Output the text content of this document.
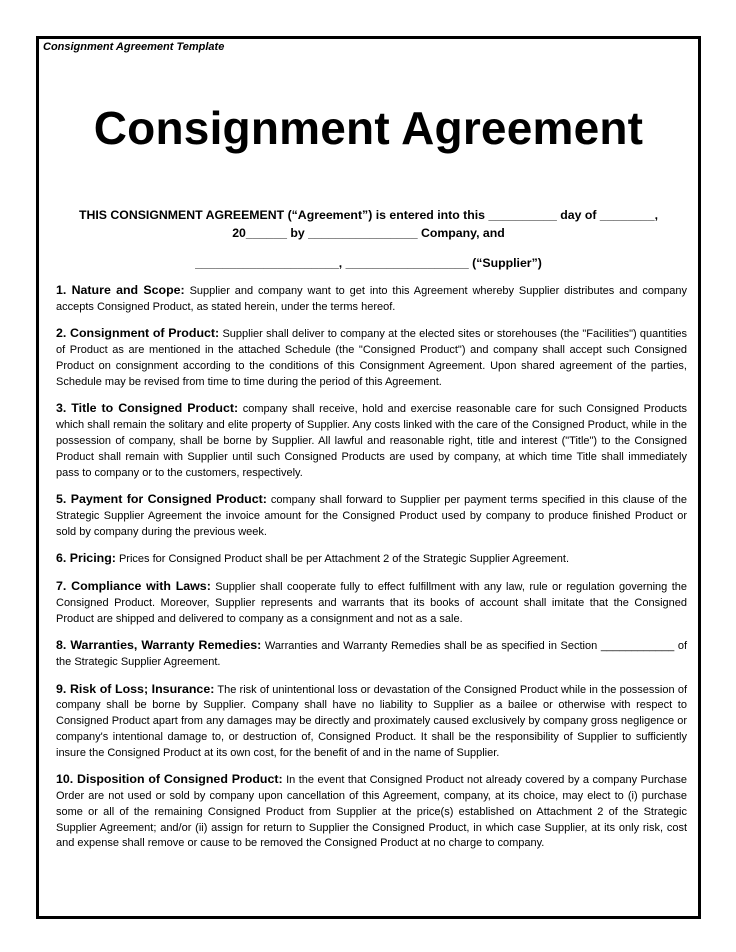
Consignment Agreement Template
Consignment Agreement
THIS CONSIGNMENT AGREEMENT (“Agreement”) is entered into this __________ day of ________,
20______ by ________________ Company, and
_____________________, __________________ (“Supplier”)

1. Nature and Scope: Supplier and company want to get into this Agreement whereby Supplier distributes and company accepts Consigned Product, as stated herein, under the terms hereof.

2. Consignment of Product: Supplier shall deliver to company at the elected sites or storehouses (the "Facilities") quantities of Product as are mentioned in the attached Schedule (the "Consigned Product") and company shall accept such Consigned Product on consignment according to the conditions of this Consignment Agreement. Upon shared agreement of the parties, Schedule may be revised from time to time during the period of this Agreement.

3. Title to Consigned Product: company shall receive, hold and exercise reasonable care for such Consigned Products which shall remain the solitary and elite property of Supplier. Any costs linked with the care of the Consigned Product, while in the possession of company, shall be borne by Supplier. All lawful and reasonable right, title and interest ("Title") to the Consigned Product shall remain with Supplier until such Consigned Products are used by company, at which time Title shall immediately pass to company or to the customers, respectively.

5. Payment for Consigned Product: company shall forward to Supplier per payment terms specified in this clause of the Strategic Supplier Agreement the invoice amount for the Consigned Product used by company to produce finished Product or sold by company during the previous week.

6. Pricing: Prices for Consigned Product shall be per Attachment 2 of the Strategic Supplier Agreement.

7. Compliance with Laws: Supplier shall cooperate fully to effect fulfillment with any law, rule or regulation governing the Consigned Product. Moreover, Supplier represents and warrants that its books of account shall imitate that the Consigned Product are shipped and delivered to company as a consignment and not as a sale.

8. Warranties, Warranty Remedies: Warranties and Warranty Remedies shall be as specified in Section ____________ of the Strategic Supplier Agreement.

9. Risk of Loss; Insurance: The risk of unintentional loss or devastation of the Consigned Product while in the possession of company shall be borne by Supplier. Company shall have no liability to Supplier as a bailee or otherwise with respect to Consigned Product apart from any damages may be directly and proximately caused exclusively by company gross negligence or company's intentional damage to, or destruction of, Consigned Product. It shall be the responsibility of Supplier to sufficiently insure the Consigned Product at its own cost, for the benefit of and in the name of Supplier.

10. Disposition of Consigned Product: In the event that Consigned Product not already covered by a company Purchase Order are not used or sold by company upon cancellation of this Agreement, company, at its choice, may elect to (i) purchase some or all of the remaining Consigned Product from Supplier at the price(s) established on Attachment 2 of the Strategic Supplier Agreement; and/or (ii) assign for return to Supplier the Consigned Product, in which case Supplier, at its only risk, cost and expense shall remove or cause to be removed the Consigned Product at no charge to company.
